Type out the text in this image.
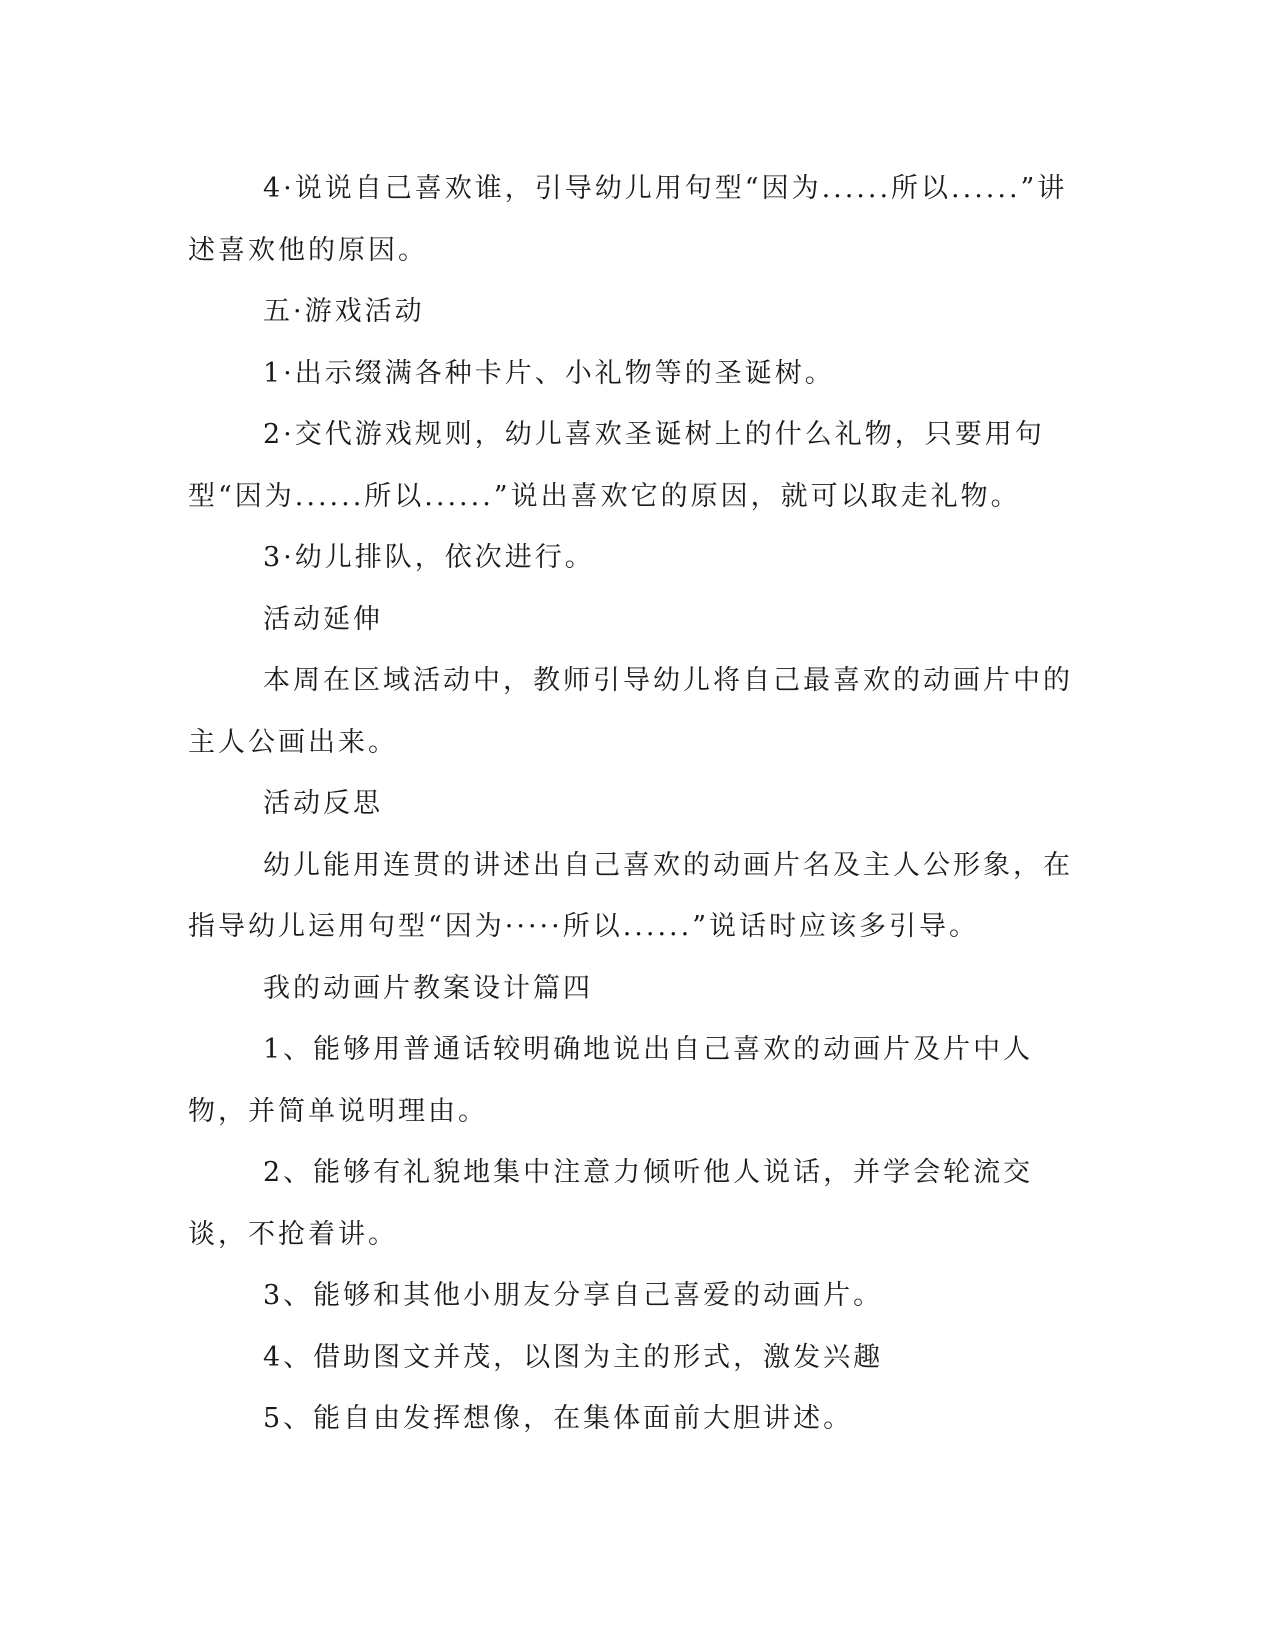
4·说说自己喜欢谁，引导幼儿用句型“因为......所以......”讲述喜欢他的原因。

五·游戏活动

1·出示缀满各种卡片、小礼物等的圣诞树。

2·交代游戏规则，幼儿喜欢圣诞树上的什么礼物，只要用句型“因为......所以......”说出喜欢它的原因，就可以取走礼物。

3·幼儿排队，依次进行。

活动延伸

本周在区域活动中，教师引导幼儿将自己最喜欢的动画片中的主人公画出来。

活动反思

幼儿能用连贯的讲述出自己喜欢的动画片名及主人公形象，在指导幼儿运用句型“因为·····所以......”说话时应该多引导。

我的动画片教案设计篇四

1、能够用普通话较明确地说出自己喜欢的动画片及片中人物，并简单说明理由。

2、能够有礼貌地集中注意力倾听他人说话，并学会轮流交谈，不抢着讲。

3、能够和其他小朋友分享自己喜爱的动画片。

4、借助图文并茂，以图为主的形式，激发兴趣

5、能自由发挥想像，在集体面前大胆讲述。
